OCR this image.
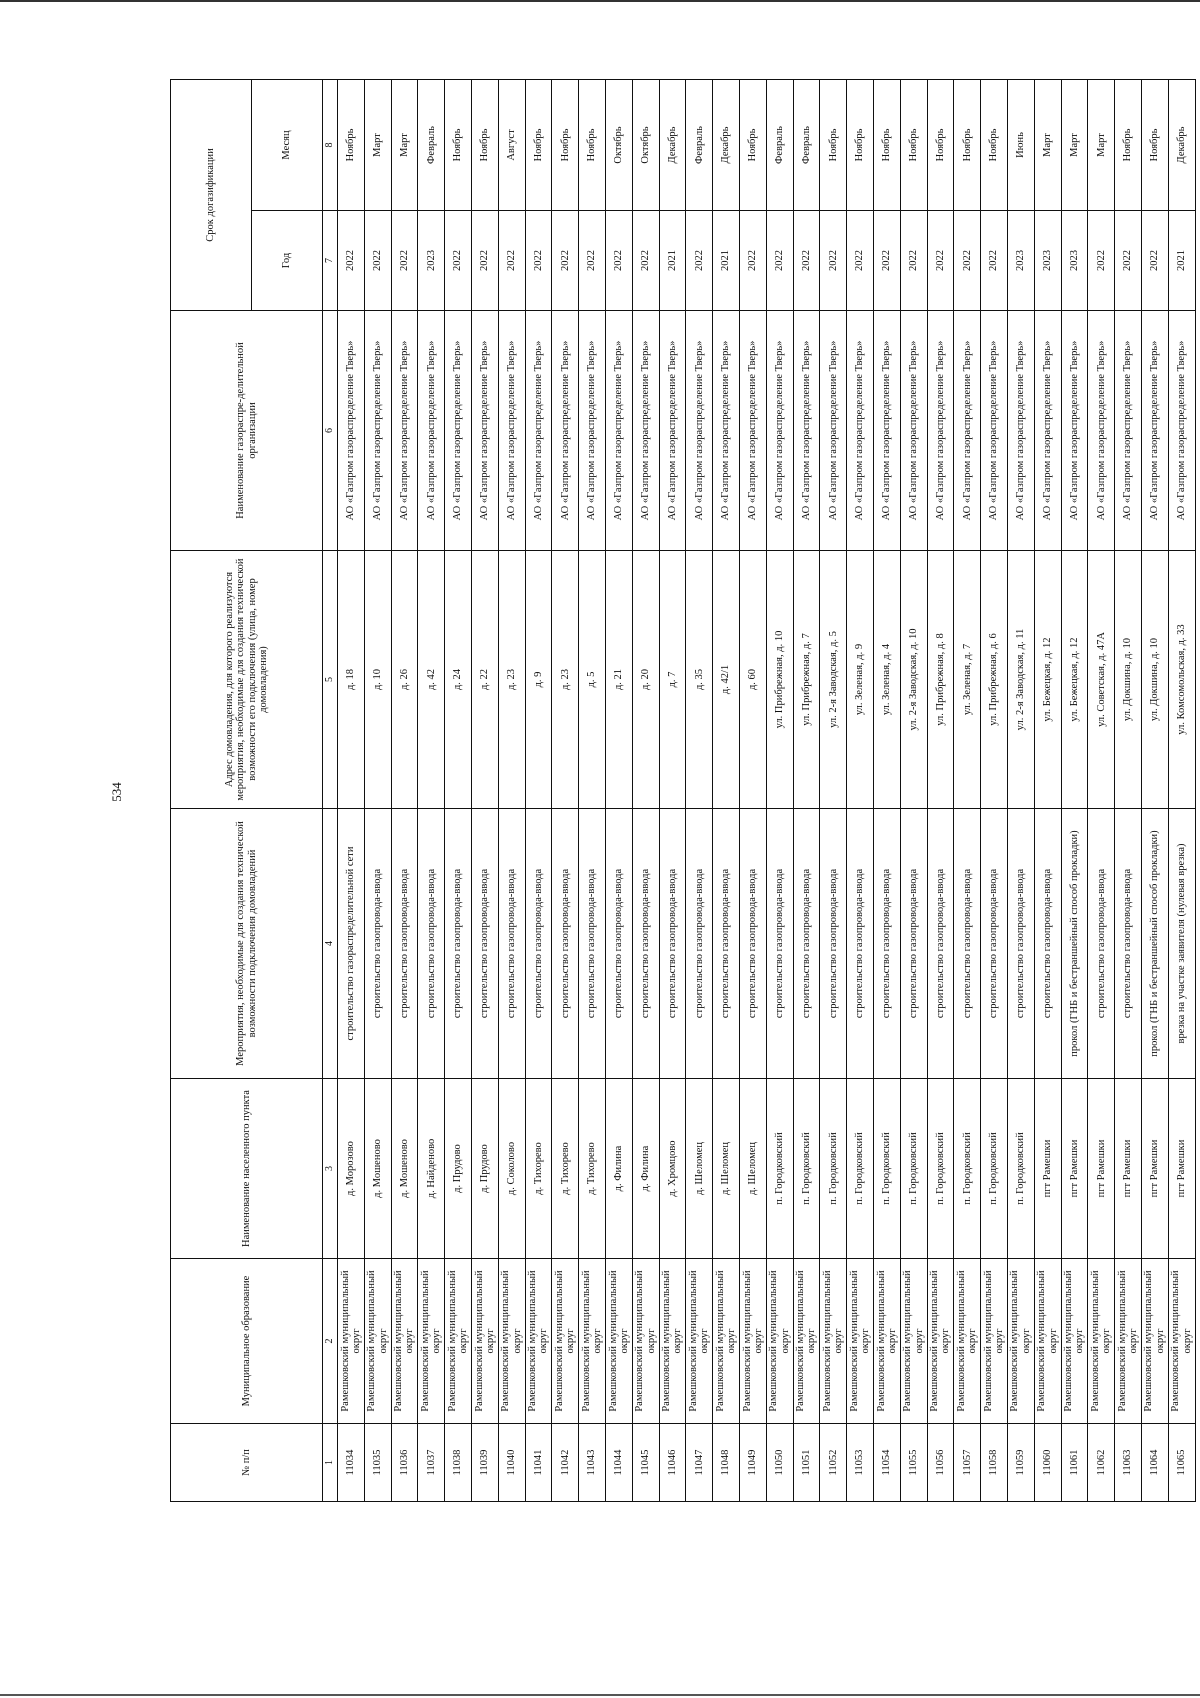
534
№ п/п	Муниципальное образование	Наименование населенного пункта	Мероприятия, необходимые для создания технической возможности подключения домовладений	Адрес домовладения, для которого реализуются мероприятия, необходимые для создания технической возможности его подключения (улица, номер домовладения)	Наименование газораспре-делительной организации	Срок догазификации	
						Год	Месяц
1	2	3	4	5	6	7	8
11034	Рамешковский муниципальный округ	д. Морозово	строительство газораспределительной сети	д. 18	АО «Газпром газораспределение Тверь»	2022	Ноябрь
11035	Рамешковский муниципальный округ	д. Мошеново	строительство газопровода-ввода	д. 10	АО «Газпром газораспределение Тверь»	2022	Март
11036	Рамешковский муниципальный округ	д. Мошеново	строительство газопровода-ввода	д. 26	АО «Газпром газораспределение Тверь»	2022	Март
11037	Рамешковский муниципальный округ	д. Найденово	строительство газопровода-ввода	д. 42	АО «Газпром газораспределение Тверь»	2023	Февраль
11038	Рамешковский муниципальный округ	д. Прудово	строительство газопровода-ввода	д. 24	АО «Газпром газораспределение Тверь»	2022	Ноябрь
11039	Рамешковский муниципальный округ	д. Прудово	строительство газопровода-ввода	д. 22	АО «Газпром газораспределение Тверь»	2022	Ноябрь
11040	Рамешковский муниципальный округ	д. Соколово	строительство газопровода-ввода	д. 23	АО «Газпром газораспределение Тверь»	2022	Август
11041	Рамешковский муниципальный округ	д. Тихорево	строительство газопровода-ввода	д. 9	АО «Газпром газораспределение Тверь»	2022	Ноябрь
11042	Рамешковский муниципальный округ	д. Тихорево	строительство газопровода-ввода	д. 23	АО «Газпром газораспределение Тверь»	2022	Ноябрь
11043	Рамешковский муниципальный округ	д. Тихорево	строительство газопровода-ввода	д. 5	АО «Газпром газораспределение Тверь»	2022	Ноябрь
11044	Рамешковский муниципальный округ	д. Филина	строительство газопровода-ввода	д. 21	АО «Газпром газораспределение Тверь»	2022	Октябрь
11045	Рамешковский муниципальный округ	д. Филина	строительство газопровода-ввода	д. 20	АО «Газпром газораспределение Тверь»	2022	Октябрь
11046	Рамешковский муниципальный округ	д. Хромцово	строительство газопровода-ввода	д. 7	АО «Газпром газораспределение Тверь»	2021	Декабрь
11047	Рамешковский муниципальный округ	д. Шеломец	строительство газопровода-ввода	д. 35	АО «Газпром газораспределение Тверь»	2022	Февраль
11048	Рамешковский муниципальный округ	д. Шеломец	строительство газопровода-ввода	д. 42/1	АО «Газпром газораспределение Тверь»	2021	Декабрь
11049	Рамешковский муниципальный округ	д. Шеломец	строительство газопровода-ввода	д. 60	АО «Газпром газораспределение Тверь»	2022	Ноябрь
11050	Рамешковский муниципальный округ	п. Городковский	строительство газопровода-ввода	ул. Прибрежная, д. 10	АО «Газпром газораспределение Тверь»	2022	Февраль
11051	Рамешковский муниципальный округ	п. Городковский	строительство газопровода-ввода	ул. Прибрежная, д. 7	АО «Газпром газораспределение Тверь»	2022	Февраль
11052	Рамешковский муниципальный округ	п. Городковский	строительство газопровода-ввода	ул. 2-я Заводская, д. 5	АО «Газпром газораспределение Тверь»	2022	Ноябрь
11053	Рамешковский муниципальный округ	п. Городковский	строительство газопровода-ввода	ул. Зеленая, д. 9	АО «Газпром газораспределение Тверь»	2022	Ноябрь
11054	Рамешковский муниципальный округ	п. Городковский	строительство газопровода-ввода	ул. Зеленая, д. 4	АО «Газпром газораспределение Тверь»	2022	Ноябрь
11055	Рамешковский муниципальный округ	п. Городковский	строительство газопровода-ввода	ул. 2-я Заводская, д. 10	АО «Газпром газораспределение Тверь»	2022	Ноябрь
11056	Рамешковский муниципальный округ	п. Городковский	строительство газопровода-ввода	ул. Прибрежная, д. 8	АО «Газпром газораспределение Тверь»	2022	Ноябрь
11057	Рамешковский муниципальный округ	п. Городковский	строительство газопровода-ввода	ул. Зеленая, д. 7	АО «Газпром газораспределение Тверь»	2022	Ноябрь
11058	Рамешковский муниципальный округ	п. Городковский	строительство газопровода-ввода	ул. Прибрежная, д. 6	АО «Газпром газораспределение Тверь»	2022	Ноябрь
11059	Рамешковский муниципальный округ	п. Городковский	строительство газопровода-ввода	ул. 2-я Заводская, д. 11	АО «Газпром газораспределение Тверь»	2023	Июнь
11060	Рамешковский муниципальный округ	пгт Рамешки	строительство газопровода-ввода	ул. Бежецкая, д. 12	АО «Газпром газораспределение Тверь»	2023	Март
11061	Рамешковский муниципальный округ	пгт Рамешки	прокол (ГНБ и бестраншейный способ прокладки)	ул. Бежецкая, д. 12	АО «Газпром газораспределение Тверь»	2023	Март
11062	Рамешковский муниципальный округ	пгт Рамешки	строительство газопровода-ввода	ул. Советская, д. 47А	АО «Газпром газораспределение Тверь»	2022	Март
11063	Рамешковский муниципальный округ	пгт Рамешки	строительство газопровода-ввода	ул. Докшина, д. 10	АО «Газпром газораспределение Тверь»	2022	Ноябрь
11064	Рамешковский муниципальный округ	пгт Рамешки	прокол (ГНБ и бестраншейный способ прокладки)	ул. Докшина, д. 10	АО «Газпром газораспределение Тверь»	2022	Ноябрь
11065	Рамешковский муниципальный округ	пгт Рамешки	врезка на участке заявителя (нулевая врезка)	ул. Комсомольская, д. 33	АО «Газпром газораспределение Тверь»	2021	Декабрь
